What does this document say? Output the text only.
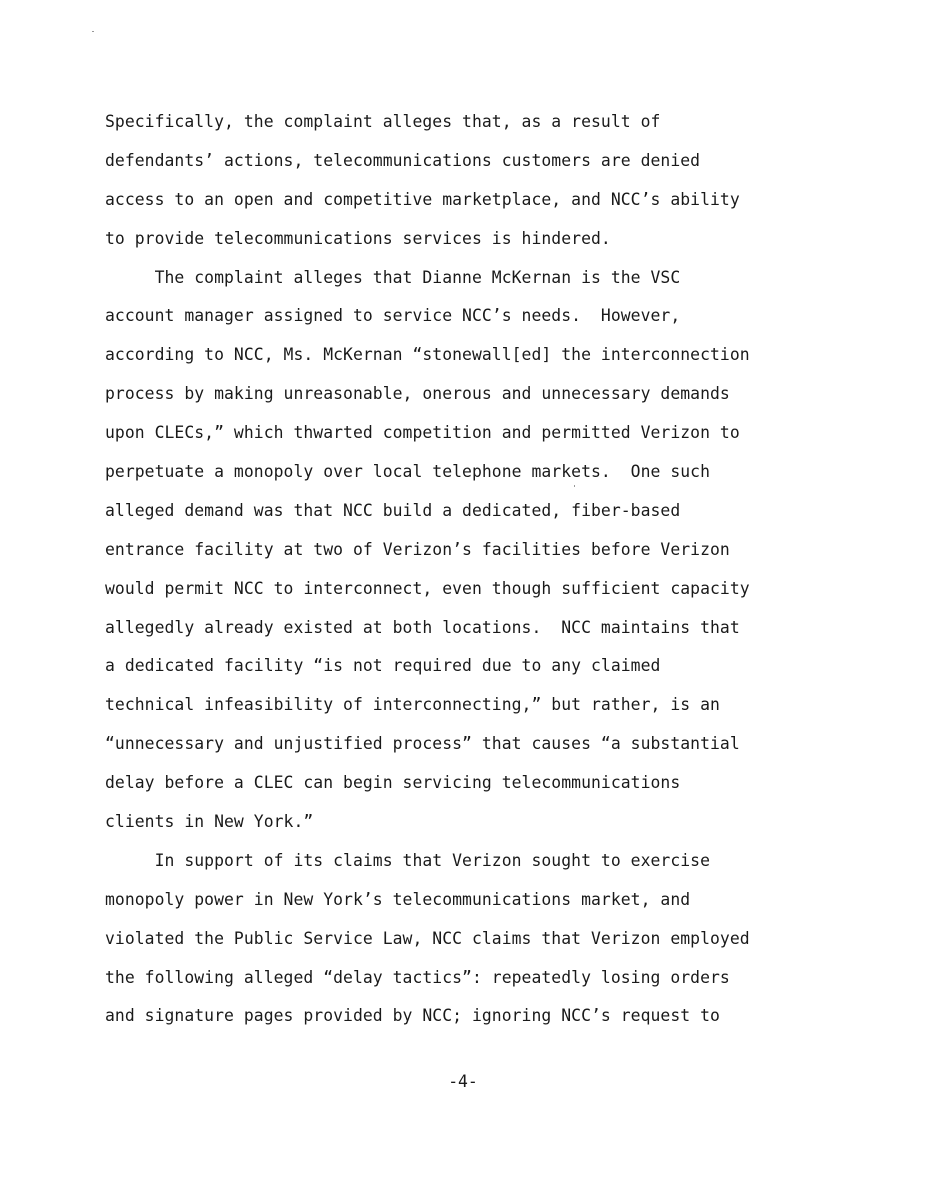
Specifically, the complaint alleges that, as a result of
defendants’ actions, telecommunications customers are denied
access to an open and competitive marketplace, and NCC’s ability
to provide telecommunications services is hindered.
The complaint alleges that Dianne McKernan is the VSC
account manager assigned to service NCC’s needs.  However,
according to NCC, Ms. McKernan “stonewall[ed] the interconnection
process by making unreasonable, onerous and unnecessary demands
upon CLECs,” which thwarted competition and permitted Verizon to
perpetuate a monopoly over local telephone markets.  One such
alleged demand was that NCC build a dedicated, fiber-based
entrance facility at two of Verizon’s facilities before Verizon
would permit NCC to interconnect, even though sufficient capacity
allegedly already existed at both locations.  NCC maintains that
a dedicated facility “is not required due to any claimed
technical infeasibility of interconnecting,” but rather, is an
“unnecessary and unjustified process” that causes “a substantial
delay before a CLEC can begin servicing telecommunications
clients in New York.”
In support of its claims that Verizon sought to exercise
monopoly power in New York’s telecommunications market, and
violated the Public Service Law, NCC claims that Verizon employed
the following alleged “delay tactics”: repeatedly losing orders
and signature pages provided by NCC; ignoring NCC’s request to
-4-
